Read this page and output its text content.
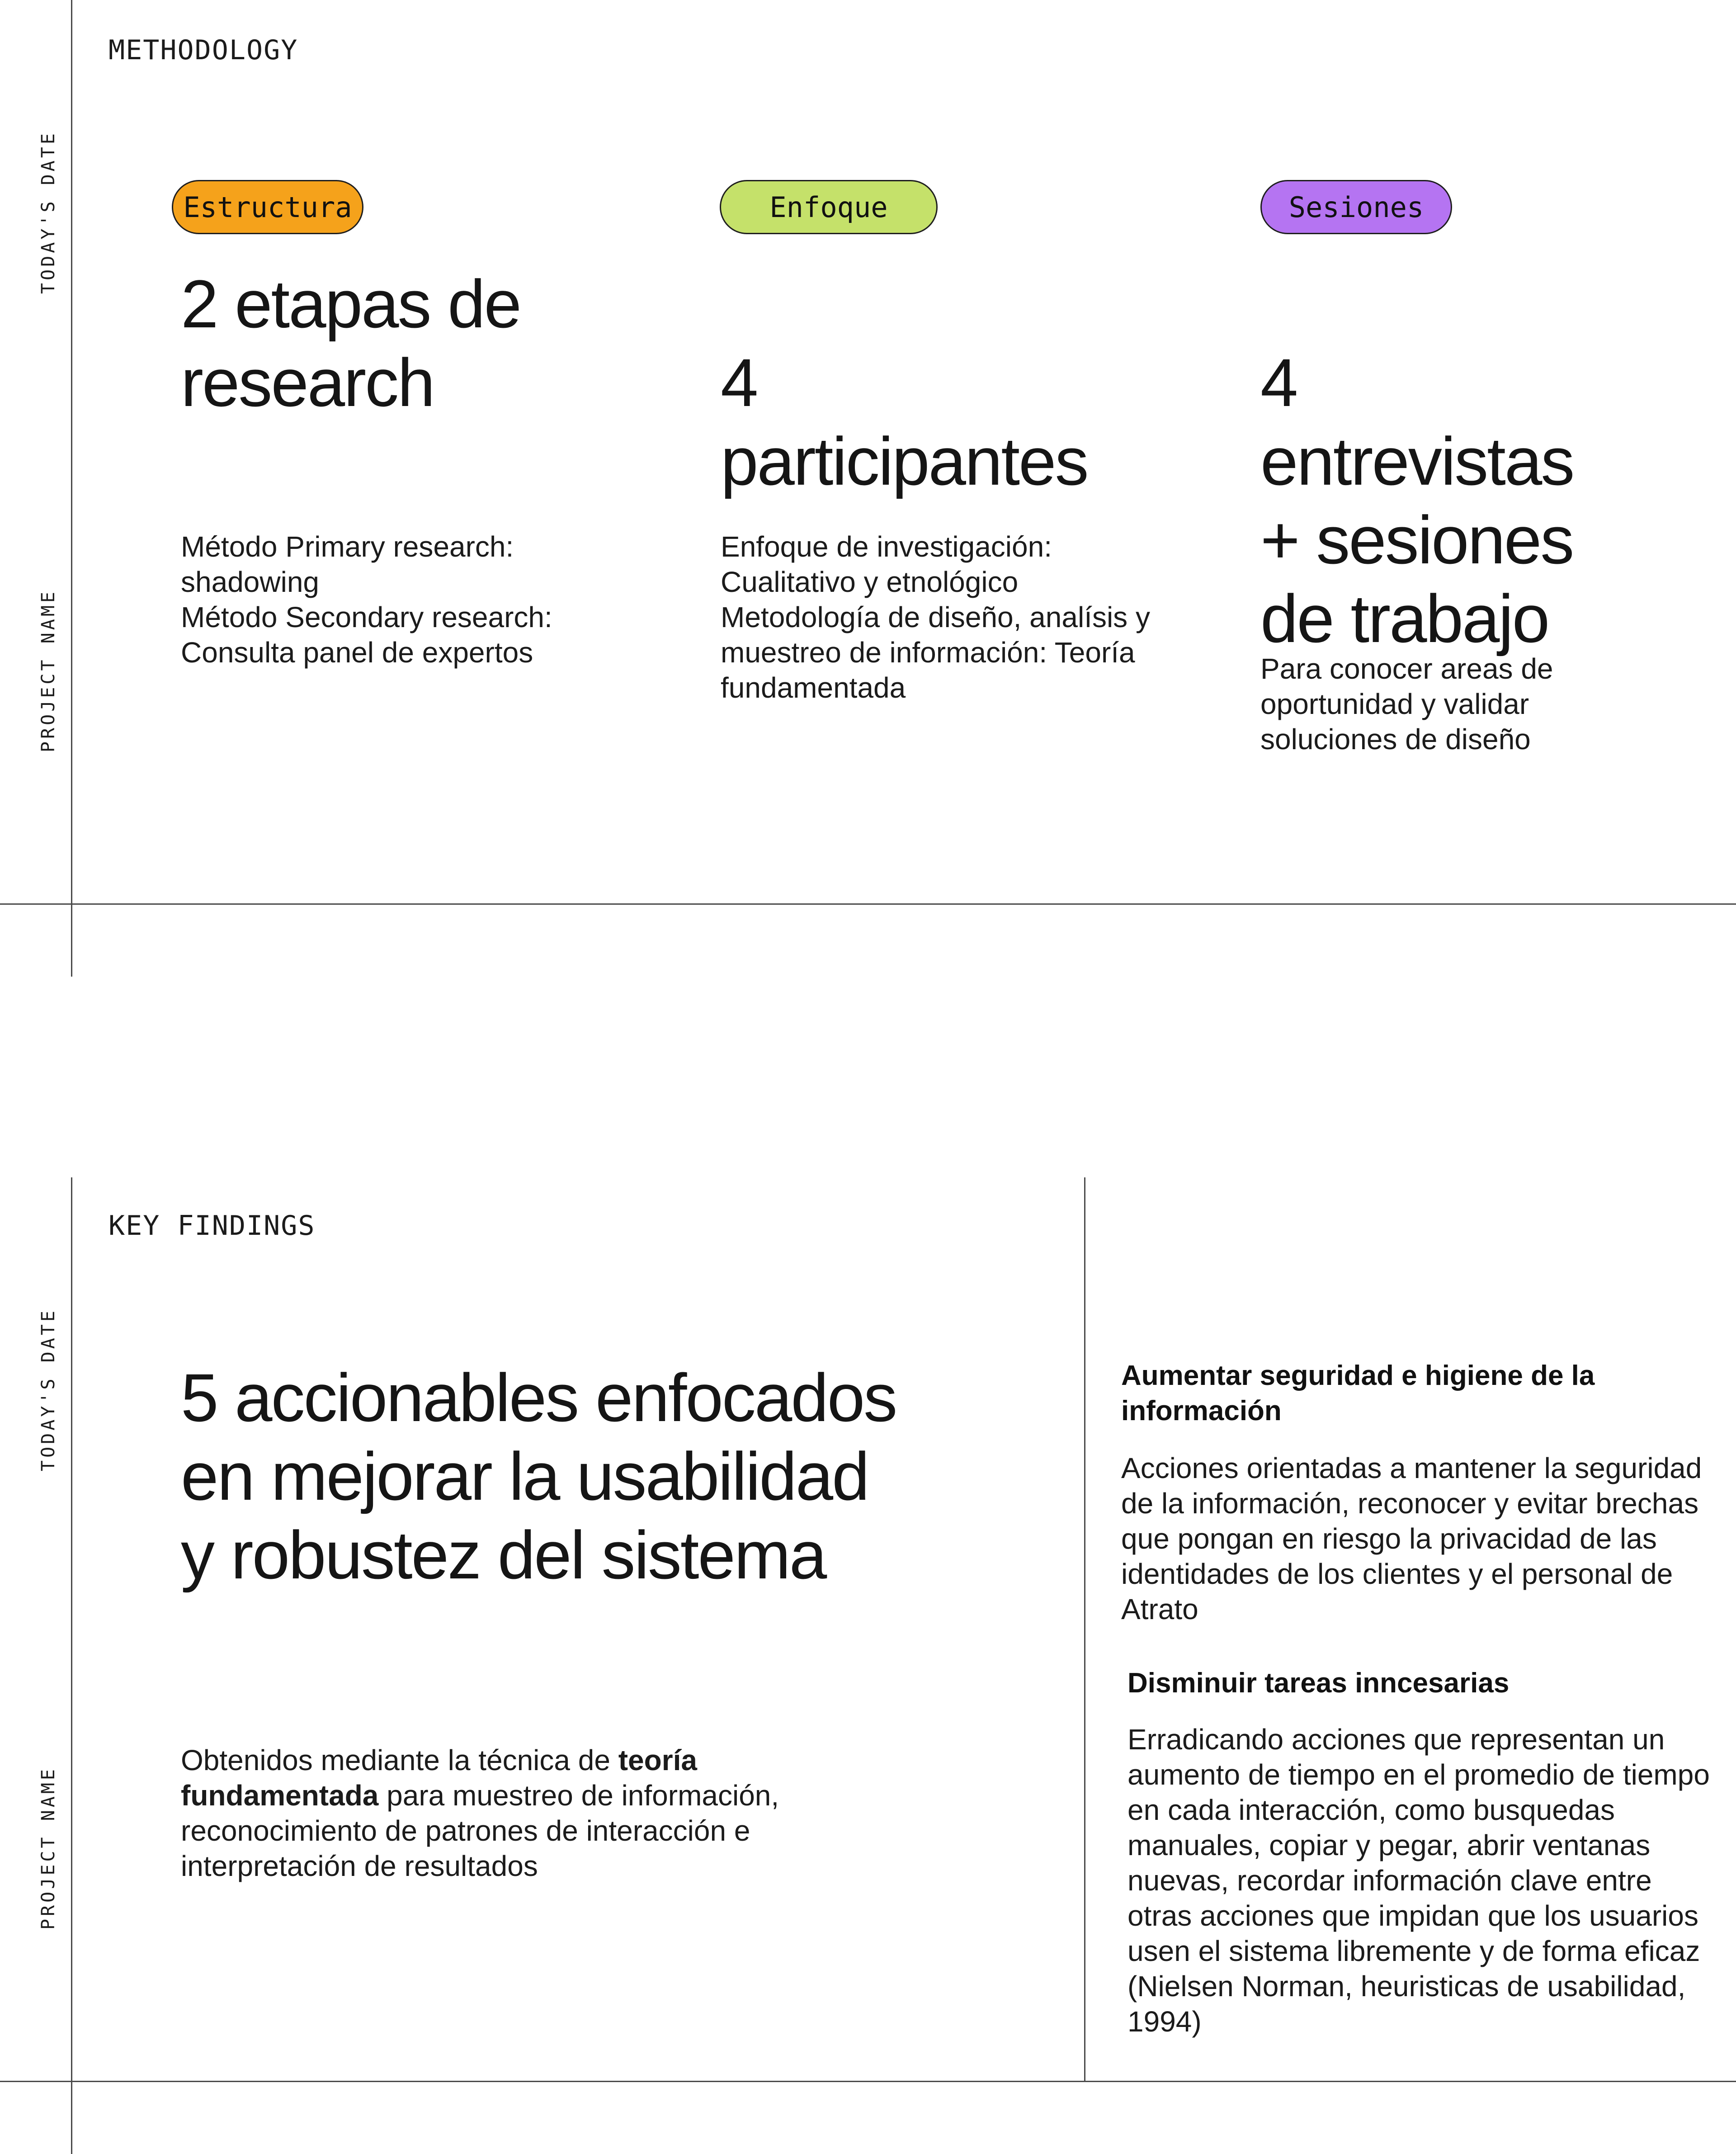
METHODOLOGY
TODAY'S DATE
PROJECT NAME
Estructura
2 etapas de research

Método Primary research: shadowing
Método Secondary research: Consulta panel de expertos

Enfoque

4
participantes

Enfoque de investigación: Cualitativo y etnológico
Metodología de diseño, analísis y muestreo de información: Teoría fundamentada

Sesiones

4
entrevistas
+ sesiones
de trabajo

Para conocer areas de oportunidad y validar soluciones de diseño

KEY FINDINGS
TODAY'S DATE
PROJECT NAME
5 accionables enfocados en mejorar la usabilidad y robustez del sistema

Obtenidos mediante la técnica de teoría fundamentada para muestreo de información, reconocimiento de patrones de interacción e interpretación de resultados

Aumentar seguridad e higiene de la información

Acciones orientadas a mantener la seguridad de la información, reconocer y evitar brechas que pongan en riesgo la privacidad de las identidades de los clientes y el personal de Atrato

Disminuir tareas inncesarias

Erradicando acciones que representan un aumento de tiempo en el promedio de tiempo en cada interacción, como busquedas manuales, copiar y pegar, abrir ventanas nuevas, recordar información clave entre otras acciones que impidan que los usuarios usen el sistema libremente y de forma eficaz (Nielsen Norman, heuristicas de usabilidad, 1994)
